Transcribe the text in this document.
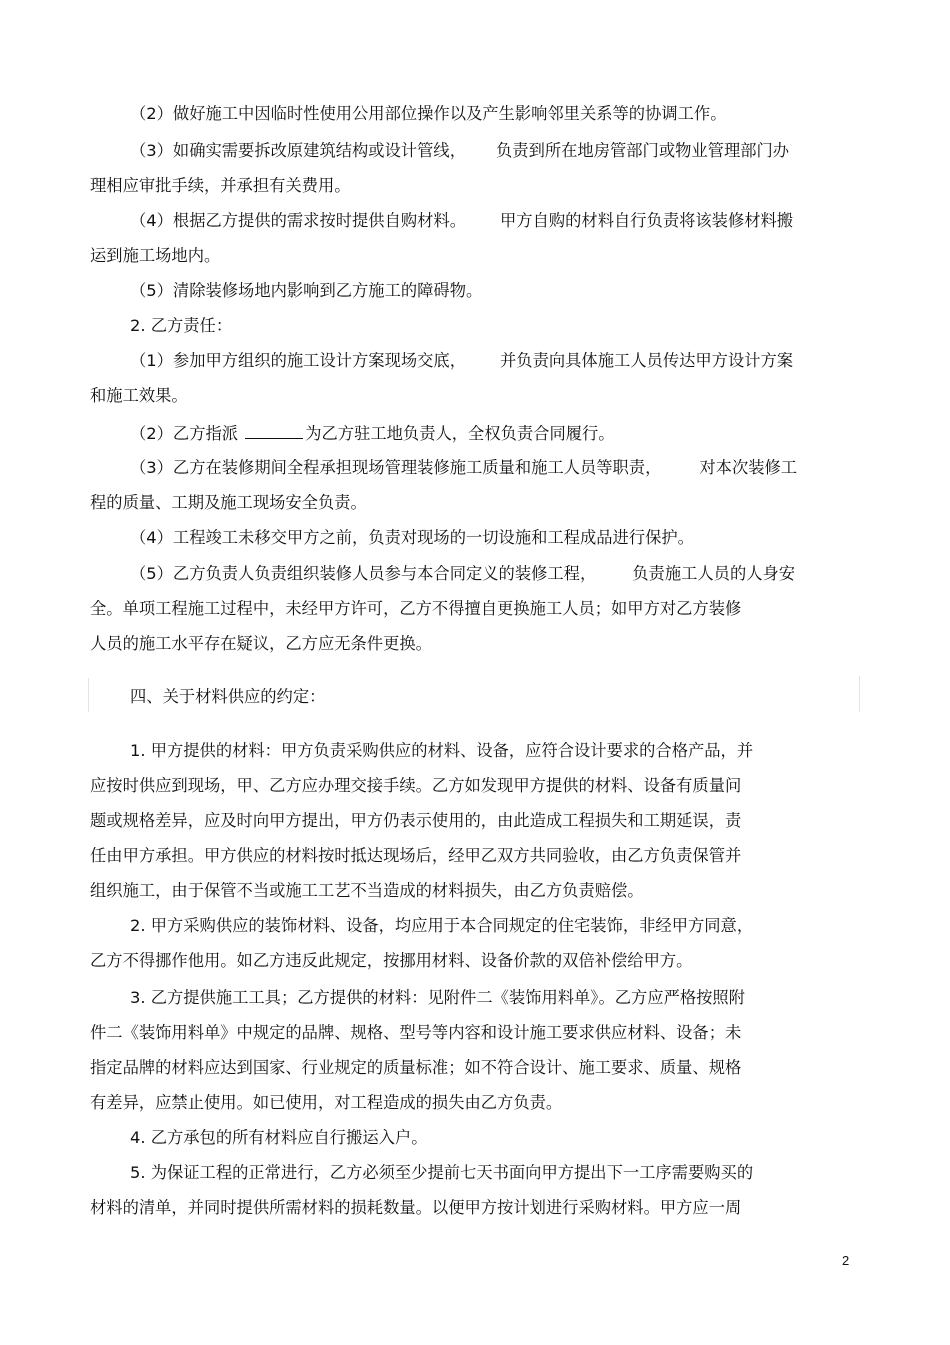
（2）做好施工中因临时性使用公用部位操作以及产生影响邻里关系等的协调工作。
（3）如确实需要拆改原建筑结构或设计管线， 负责到所在地房管部门或物业管理部门办
理相应审批手续，并承担有关费用。
（4）根据乙方提供的需求按时提供自购材料。 甲方自购的材料自行负责将该装修材料搬
运到施工场地内。
（5）清除装修场地内影响到乙方施工的障碍物。
2. 乙方责任：
（1）参加甲方组织的施工设计方案现场交底， 并负责向具体施工人员传达甲方设计方案
和施工效果。
（2）乙方指派	为乙方驻工地负责人，全权负责合同履行。
（3）乙方在装修期间全程承担现场管理装修施工质量和施工人员等职责， 对本次装修工
程的质量、工期及施工现场安全负责。
（4）工程竣工未移交甲方之前，负责对现场的一切设施和工程成品进行保护。
（5）乙方负责人负责组织装修人员参与本合同定义的装修工程， 负责施工人员的人身安
全。单项工程施工过程中，未经甲方许可，乙方不得擅自更换施工人员；如甲方对乙方装修
人员的施工水平存在疑议，乙方应无条件更换。
四、关于材料供应的约定：
1. 甲方提供的材料：甲方负责采购供应的材料、设备，应符合设计要求的合格产品，并
应按时供应到现场，甲、乙方应办理交接手续。乙方如发现甲方提供的材料、设备有质量问
题或规格差异，应及时向甲方提出，甲方仍表示使用的，由此造成工程损失和工期延误，责
任由甲方承担。甲方供应的材料按时抵达现场后，经甲乙双方共同验收，由乙方负责保管并
组织施工，由于保管不当或施工工艺不当造成的材料损失，由乙方负责赔偿。
2. 甲方采购供应的装饰材料、设备，均应用于本合同规定的住宅装饰，非经甲方同意，
乙方不得挪作他用。如乙方违反此规定，按挪用材料、设备价款的双倍补偿给甲方。
3. 乙方提供施工工具；乙方提供的材料：见附件二《装饰用料单》。乙方应严格按照附
件二《装饰用料单》中规定的品牌、规格、型号等内容和设计施工要求供应材料、设备；未
指定品牌的材料应达到国家、行业规定的质量标准；如不符合设计、施工要求、质量、规格
有差异，应禁止使用。如已使用，对工程造成的损失由乙方负责。
4. 乙方承包的所有材料应自行搬运入户。
5. 为保证工程的正常进行，乙方必须至少提前七天书面向甲方提出下一工序需要购买的
材料的清单，并同时提供所需材料的损耗数量。以便甲方按计划进行采购材料。甲方应一周
2
